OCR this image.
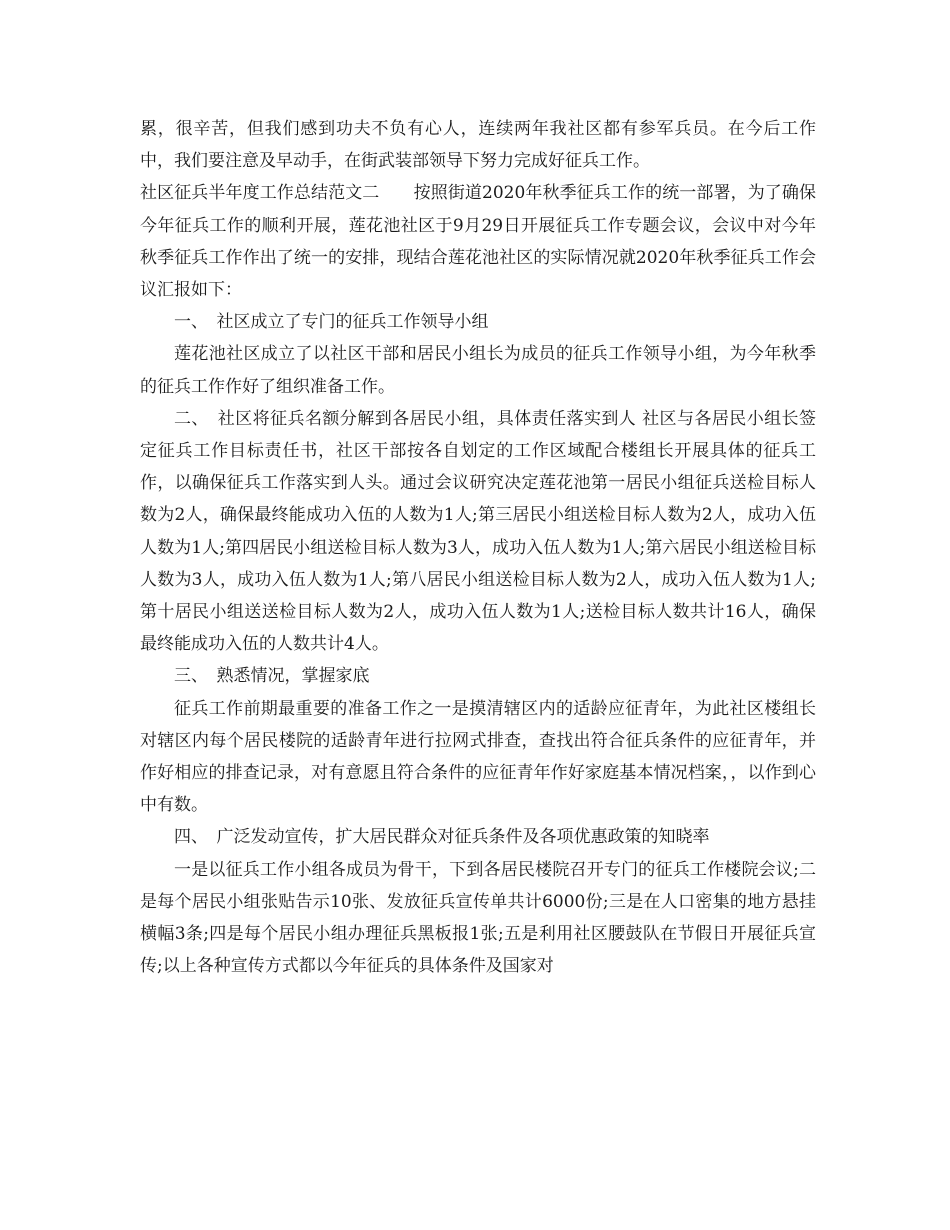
累，很辛苦，但我们感到功夫不负有心人，连续两年我社区都有参军兵员。在今后工作中，我们要注意及早动手，在街武装部领导下努力完成好征兵工作。

社区征兵半年度工作总结范文二　　按照街道2020年秋季征兵工作的统一部署，为了确保今年征兵工作的顺利开展，莲花池社区于9月29日开展征兵工作专题会议，会议中对今年秋季征兵工作作出了统一的安排，现结合莲花池社区的实际情况就2020年秋季征兵工作会议汇报如下：

一、　社区成立了专门的征兵工作领导小组

莲花池社区成立了以社区干部和居民小组长为成员的征兵工作领导小组，为今年秋季的征兵工作作好了组织准备工作。

二、　社区将征兵名额分解到各居民小组，具体责任落实到人 社区与各居民小组长签定征兵工作目标责任书，社区干部按各自划定的工作区域配合楼组长开展具体的征兵工作，以确保征兵工作落实到人头。通过会议研究决定莲花池第一居民小组征兵送检目标人数为2人，确保最终能成功入伍的人数为1人;第三居民小组送检目标人数为2人，成功入伍人数为1人;第四居民小组送检目标人数为3人，成功入伍人数为1人;第六居民小组送检目标人数为3人，成功入伍人数为1人;第八居民小组送检目标人数为2人，成功入伍人数为1人;第十居民小组送送检目标人数为2人，成功入伍人数为1人;送检目标人数共计16人，确保最终能成功入伍的人数共计4人。

三、　熟悉情况，掌握家底

征兵工作前期最重要的准备工作之一是摸清辖区内的适龄应征青年，为此社区楼组长对辖区内每个居民楼院的适龄青年进行拉网式排查，查找出符合征兵条件的应征青年，并作好相应的排查记录，对有意愿且符合条件的应征青年作好家庭基本情况档案，，以作到心中有数。

四、　广泛发动宣传，扩大居民群众对征兵条件及各项优惠政策的知晓率

一是以征兵工作小组各成员为骨干，下到各居民楼院召开专门的征兵工作楼院会议;二是每个居民小组张贴告示10张、发放征兵宣传单共计6000份;三是在人口密集的地方悬挂横幅3条;四是每个居民小组办理征兵黑板报1张;五是利用社区腰鼓队在节假日开展征兵宣传;以上各种宣传方式都以今年征兵的具体条件及国家对
